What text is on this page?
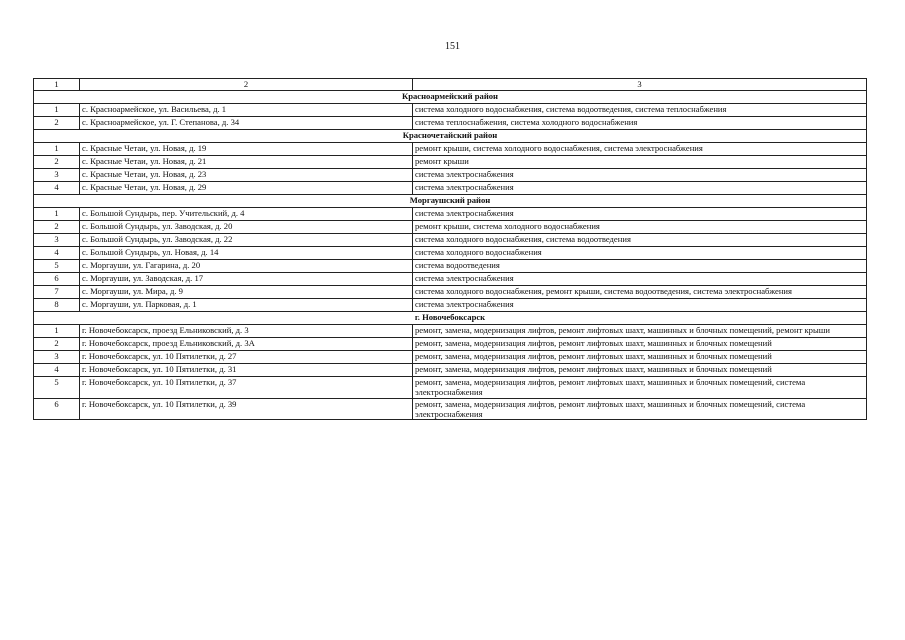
151
1	2	3
Красноармейский район		
1	с. Красноармейское, ул. Васильева, д. 1	система холодного водоснабжения, система водоотведения, система теплоснабжения
2	с. Красноармейское, ул. Г. Степанова, д. 34	система теплоснабжения, система холодного водоснабжения
Красночетайский район		
1	с. Красные Четаи, ул. Новая, д. 19	ремонт крыши, система холодного водоснабжения, система электроснабжения
2	с. Красные Четаи, ул. Новая, д. 21	ремонт крыши
3	с. Красные Четаи, ул. Новая, д. 23	система электроснабжения
4	с. Красные Четаи, ул. Новая, д. 29	система электроснабжения
Моргаушский район		
1	с. Большой Сундырь, пер. Учительский, д. 4	система электроснабжения
2	с. Большой Сундырь, ул. Заводская, д. 20	ремонт крыши, система холодного водоснабжения
3	с. Большой Сундырь, ул. Заводская, д. 22	система холодного водоснабжения, система водоотведения
4	с. Большой Сундырь, ул. Новая, д. 14	система холодного водоснабжения
5	с. Моргауши, ул. Гагарина, д. 20	система водоотведения
6	с. Моргауши, ул. Заводская, д. 17	система электроснабжения
7	с. Моргауши, ул. Мира, д. 9	система холодного водоснабжения, ремонт крыши, система водоотведения, система электроснабжения
8	с. Моргауши, ул. Парковая, д. 1	система электроснабжения
г. Новочебоксарск		
1	г. Новочебоксарск, проезд Ельниковский, д. 3	ремонт, замена, модернизация лифтов, ремонт лифтовых шахт, машинных и блочных помещений, ремонт крыши
2	г. Новочебоксарск, проезд Ельниковский, д. 3А	ремонт, замена, модернизация лифтов, ремонт лифтовых шахт, машинных и блочных помещений
3	г. Новочебоксарск, ул. 10 Пятилетки, д. 27	ремонт, замена, модернизация лифтов, ремонт лифтовых шахт, машинных и блочных помещений
4	г. Новочебоксарск, ул. 10 Пятилетки, д. 31	ремонт, замена, модернизация лифтов, ремонт лифтовых шахт, машинных и блочных помещений
5	г. Новочебоксарск, ул. 10 Пятилетки, д. 37	ремонт, замена, модернизация лифтов, ремонт лифтовых шахт, машинных и блочных помещений, система электроснабжения
6	г. Новочебоксарск, ул. 10 Пятилетки, д. 39	ремонт, замена, модернизация лифтов, ремонт лифтовых шахт, машинных и блочных помещений, система электроснабжения
